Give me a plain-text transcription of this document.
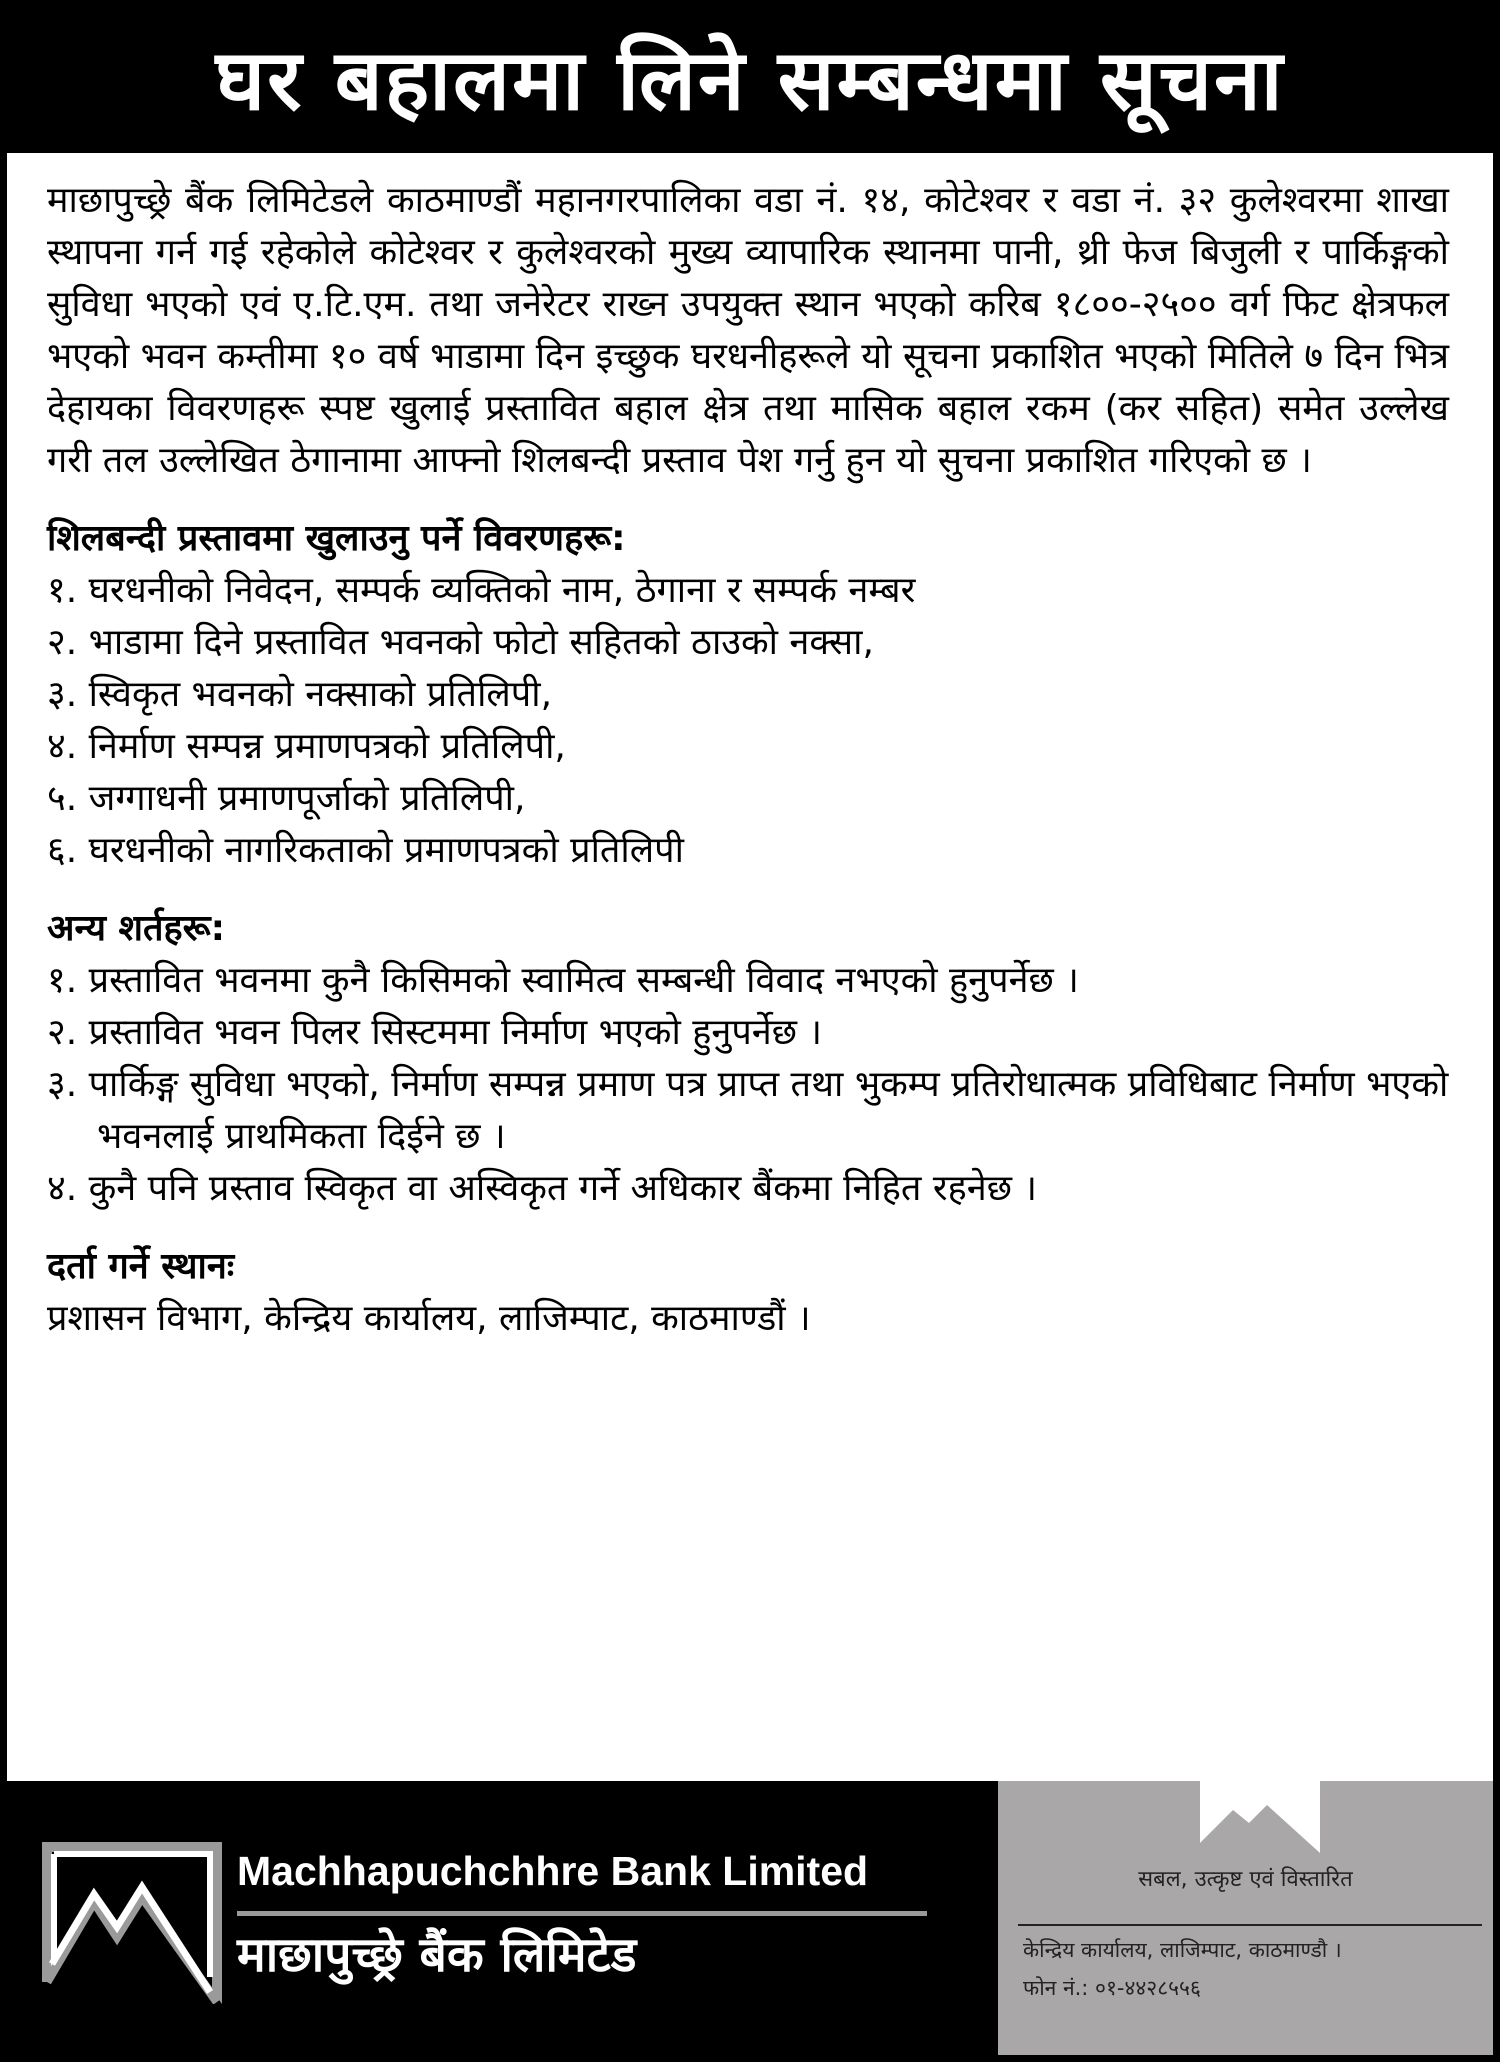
घर बहालमा लिने सम्बन्धमा सूचना

माछापुच्छ्रे बैंक लिमिटेडले काठमाण्डौं महानगरपालिका वडा नं. १४, कोटेश्वर र वडा नं. ३२ कुलेश्वरमा शाखा स्थापना गर्न गई रहेकोले कोटेश्वर र कुलेश्वरको मुख्य व्यापारिक स्थानमा पानी, थ्री फेज बिजुली र पार्किङ्गको सुविधा भएको एवं ए.टि.एम. तथा जनेरेटर राख्न उपयुक्त स्थान भएको करिब १८००-२५०० वर्ग फिट क्षेत्रफल भएको भवन कम्तीमा १० वर्ष भाडामा दिन इच्छुक घरधनीहरूले यो सूचना प्रकाशित भएको मितिले ७ दिन भित्र देहायका विवरणहरू स्पष्ट खुलाई प्रस्तावित बहाल क्षेत्र तथा मासिक बहाल रकम (कर सहित) समेत उल्लेख गरी तल उल्लेखित ठेगानामा आफ्नो शिलबन्दी प्रस्ताव पेश गर्नु हुन यो सुचना प्रकाशित गरिएको छ ।

शिलबन्दी प्रस्तावमा खुलाउनु पर्ने विवरणहरू:
१. घरधनीको निवेदन, सम्पर्क व्यक्तिको नाम, ठेगाना र सम्पर्क नम्बर
२. भाडामा दिने प्रस्तावित भवनको फोटो सहितको ठाउको नक्सा,
३. स्विकृत भवनको नक्साको प्रतिलिपी,
४. निर्माण सम्पन्न प्रमाणपत्रको प्रतिलिपी,
५. जग्गाधनी प्रमाणपूर्जाको प्रतिलिपी,
६. घरधनीको नागरिकताको प्रमाणपत्रको प्रतिलिपी
अन्य शर्तहरू:
१. प्रस्तावित भवनमा कुनै किसिमको स्वामित्व सम्बन्धी विवाद नभएको हुनुपर्नेछ ।
२. प्रस्तावित भवन पिलर सिस्टममा निर्माण भएको हुनुपर्नेछ ।
३. पार्किङ्ग सुविधा भएको, निर्माण सम्पन्न प्रमाण पत्र प्राप्त तथा भुकम्प प्रतिरोधात्मक प्रविधिबाट निर्माण भएको भवनलाई प्राथमिकता दिईने छ ।
४. कुनै पनि प्रस्ताव स्विकृत वा अस्विकृत गर्ने अधिकार बैंकमा निहित रहनेछ ।
दर्ता गर्ने स्थानः
प्रशासन विभाग, केन्द्रिय कार्यालय, लाजिम्पाट, काठमाण्डौं ।
Machhapuchchhre Bank Limited
माछापुच्छ्रे बैंक लिमिटेड
सबल, उत्कृष्ट एवं विस्तारित
केन्द्रिय कार्यालय, लाजिम्पाट, काठमाण्डौ ।
फोन नं.: ०१-४४२८५५६
